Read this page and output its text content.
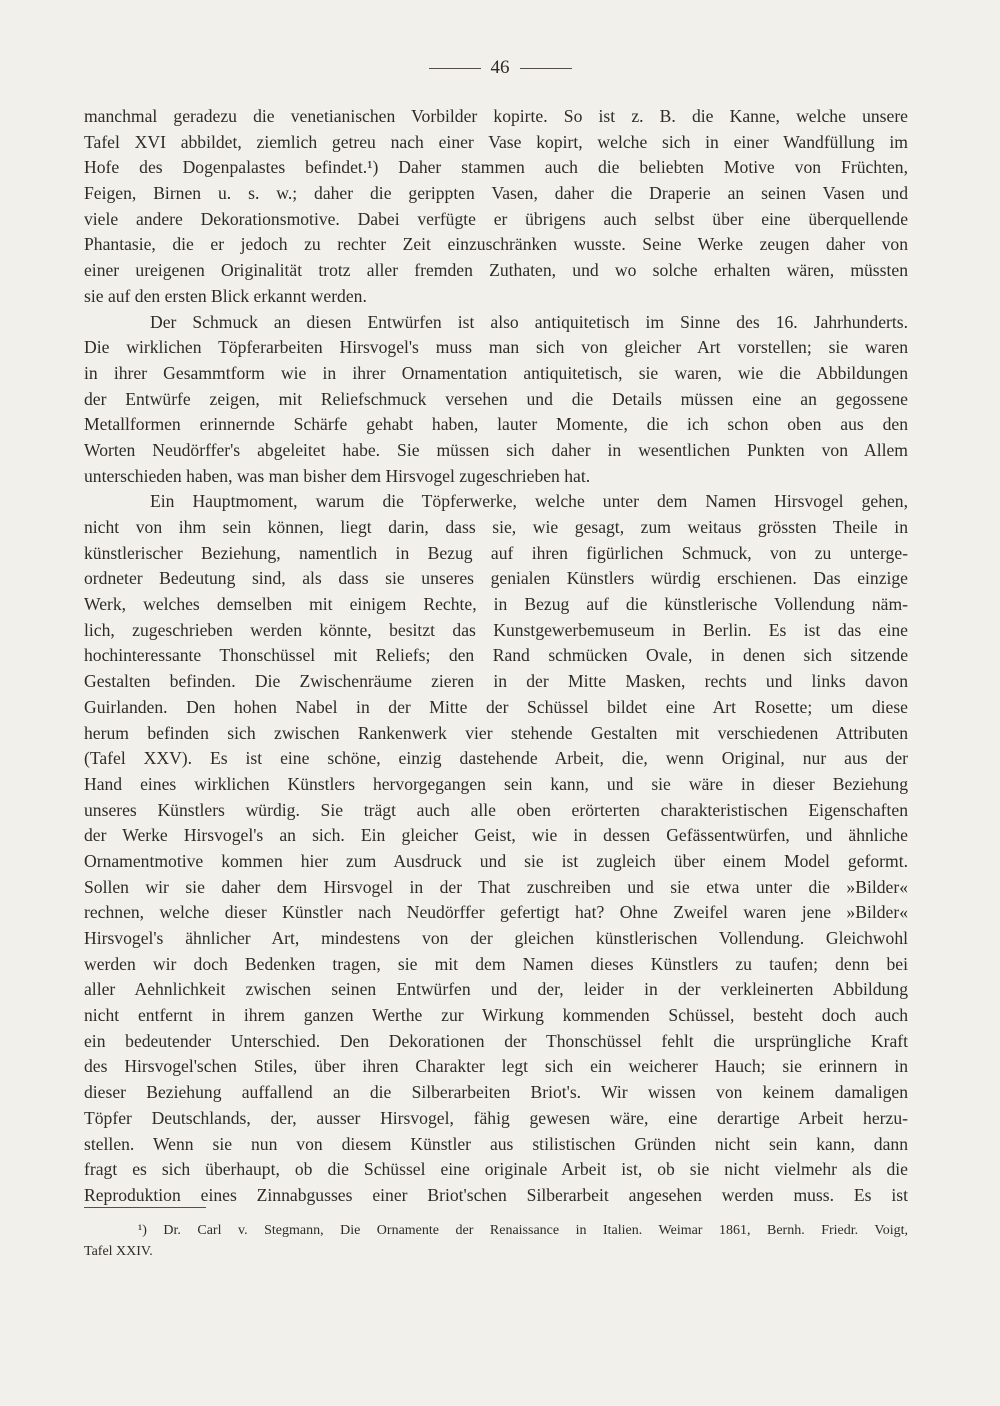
46
manchmal geradezu die venetianischen Vorbilder kopirte. So ist z. B. die Kanne, welche unsere
Tafel XVI abbildet, ziemlich getreu nach einer Vase kopirt, welche sich in einer Wandfüllung im
Hofe des Dogenpalastes befindet.¹) Daher stammen auch die beliebten Motive von Früchten,
Feigen, Birnen u. s. w.; daher die gerippten Vasen, daher die Draperie an seinen Vasen und
viele andere Dekorationsmotive. Dabei verfügte er übrigens auch selbst über eine überquellende
Phantasie, die er jedoch zu rechter Zeit einzuschränken wusste. Seine Werke zeugen daher von
einer ureigenen Originalität trotz aller fremden Zuthaten, und wo solche erhalten wären, müssten
sie auf den ersten Blick erkannt werden.
Der Schmuck an diesen Entwürfen ist also antiquitetisch im Sinne des 16. Jahrhunderts.
Die wirklichen Töpferarbeiten Hirsvogel's muss man sich von gleicher Art vorstellen; sie waren
in ihrer Gesammtform wie in ihrer Ornamentation antiquitetisch, sie waren, wie die Abbildungen
der Entwürfe zeigen, mit Reliefschmuck versehen und die Details müssen eine an gegossene
Metallformen erinnernde Schärfe gehabt haben, lauter Momente, die ich schon oben aus den
Worten Neudörffer's abgeleitet habe. Sie müssen sich daher in wesentlichen Punkten von Allem
unterschieden haben, was man bisher dem Hirsvogel zugeschrieben hat.
Ein Hauptmoment, warum die Töpferwerke, welche unter dem Namen Hirsvogel gehen,
nicht von ihm sein können, liegt darin, dass sie, wie gesagt, zum weitaus grössten Theile in
künstlerischer Beziehung, namentlich in Bezug auf ihren figürlichen Schmuck, von zu unterge-
ordneter Bedeutung sind, als dass sie unseres genialen Künstlers würdig erschienen. Das einzige
Werk, welches demselben mit einigem Rechte, in Bezug auf die künstlerische Vollendung näm-
lich, zugeschrieben werden könnte, besitzt das Kunstgewerbemuseum in Berlin. Es ist das eine
hochinteressante Thonschüssel mit Reliefs; den Rand schmücken Ovale, in denen sich sitzende
Gestalten befinden. Die Zwischenräume zieren in der Mitte Masken, rechts und links davon
Guirlanden. Den hohen Nabel in der Mitte der Schüssel bildet eine Art Rosette; um diese
herum befinden sich zwischen Rankenwerk vier stehende Gestalten mit verschiedenen Attributen
(Tafel XXV). Es ist eine schöne, einzig dastehende Arbeit, die, wenn Original, nur aus der
Hand eines wirklichen Künstlers hervorgegangen sein kann, und sie wäre in dieser Beziehung
unseres Künstlers würdig. Sie trägt auch alle oben erörterten charakteristischen Eigenschaften
der Werke Hirsvogel's an sich. Ein gleicher Geist, wie in dessen Gefässentwürfen, und ähnliche
Ornamentmotive kommen hier zum Ausdruck und sie ist zugleich über einem Model geformt.
Sollen wir sie daher dem Hirsvogel in der That zuschreiben und sie etwa unter die »Bilder«
rechnen, welche dieser Künstler nach Neudörffer gefertigt hat? Ohne Zweifel waren jene »Bilder«
Hirsvogel's ähnlicher Art, mindestens von der gleichen künstlerischen Vollendung. Gleichwohl
werden wir doch Bedenken tragen, sie mit dem Namen dieses Künstlers zu taufen; denn bei
aller Aehnlichkeit zwischen seinen Entwürfen und der, leider in der verkleinerten Abbildung
nicht entfernt in ihrem ganzen Werthe zur Wirkung kommenden Schüssel, besteht doch auch
ein bedeutender Unterschied. Den Dekorationen der Thonschüssel fehlt die ursprüngliche Kraft
des Hirsvogel'schen Stiles, über ihren Charakter legt sich ein weicherer Hauch; sie erinnern in
dieser Beziehung auffallend an die Silberarbeiten Briot's. Wir wissen von keinem damaligen
Töpfer Deutschlands, der, ausser Hirsvogel, fähig gewesen wäre, eine derartige Arbeit herzu-
stellen. Wenn sie nun von diesem Künstler aus stilistischen Gründen nicht sein kann, dann
fragt es sich überhaupt, ob die Schüssel eine originale Arbeit ist, ob sie nicht vielmehr als die
Reproduktion eines Zinnabgusses einer Briot'schen Silberarbeit angesehen werden muss. Es ist
¹) Dr. Carl v. Stegmann, Die Ornamente der Renaissance in Italien. Weimar 1861, Bernh. Friedr. Voigt,
Tafel XXIV.
